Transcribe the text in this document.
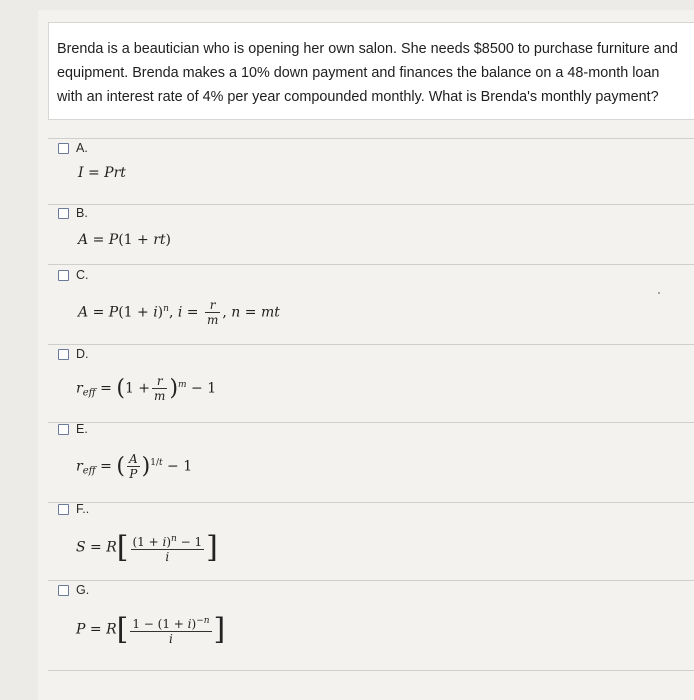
Brenda is a beautician who is opening her own salon. She needs $8500 to purchase furniture and equipment. Brenda makes a 10% down payment and finances the balance on a 48-month loan with an interest rate of 4% per year compounded monthly. What is Brenda's monthly payment?
A.
I = Prt
B.
A = P(1 + rt)
C.
$A = P(1 + i)^n$, $i = \frac{r}{m}$ , n = mt
D.
$r_{eff} = (1 + \frac{r}{m} )^m - 1$
E.
$r_{eff}$ = ( $\frac{A}{P} )^{1/t} - 1$
F..
$S = R[ \frac{(1 + i)^n - 1}{i}$ ]
G.
$P = R[ \frac{1 - (1 + i)^{-n}}{i}$ ]
